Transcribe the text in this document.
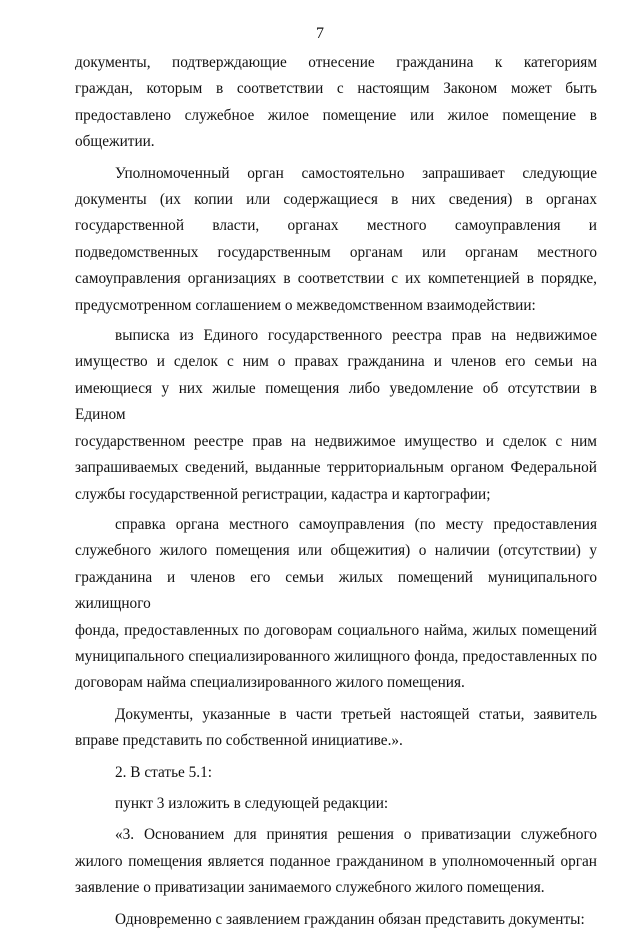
7
документы, подтверждающие отнесение гражданина к категориям
граждан, которым в соответствии с настоящим Законом может быть
предоставлено служебное жилое помещение или жилое помещение в
общежитии.
Уполномоченный орган самостоятельно запрашивает следующие
документы (их копии или содержащиеся в них сведения) в органах
государственной власти, органах местного самоуправления и
подведомственных государственным органам или органам местного
самоуправления организациях в соответствии с их компетенцией в порядке,
предусмотренном соглашением о межведомственном взаимодействии:
выписка из Единого государственного реестра прав на недвижимое
имущество и сделок с ним о правах гражданина и членов его семьи на
имеющиеся у них жилые помещения либо уведомление об отсутствии в Едином
государственном реестре прав на недвижимое имущество и сделок с ним
запрашиваемых сведений, выданные территориальным органом Федеральной
службы государственной регистрации, кадастра и картографии;
справка органа местного самоуправления (по месту предоставления
служебного жилого помещения или общежития) о наличии (отсутствии) у
гражданина и членов его семьи жилых помещений муниципального жилищного
фонда, предоставленных по договорам социального найма, жилых помещений
муниципального специализированного жилищного фонда, предоставленных по
договорам найма специализированного жилого помещения.
Документы, указанные в части третьей настоящей статьи, заявитель
вправе представить по собственной инициативе.».
2. В статье 5.1:
пункт 3 изложить в следующей редакции:
«3. Основанием для принятия решения о приватизации служебного
жилого помещения является поданное гражданином в уполномоченный орган
заявление о приватизации занимаемого служебного жилого помещения.
Одновременно с заявлением гражданин обязан представить документы:
